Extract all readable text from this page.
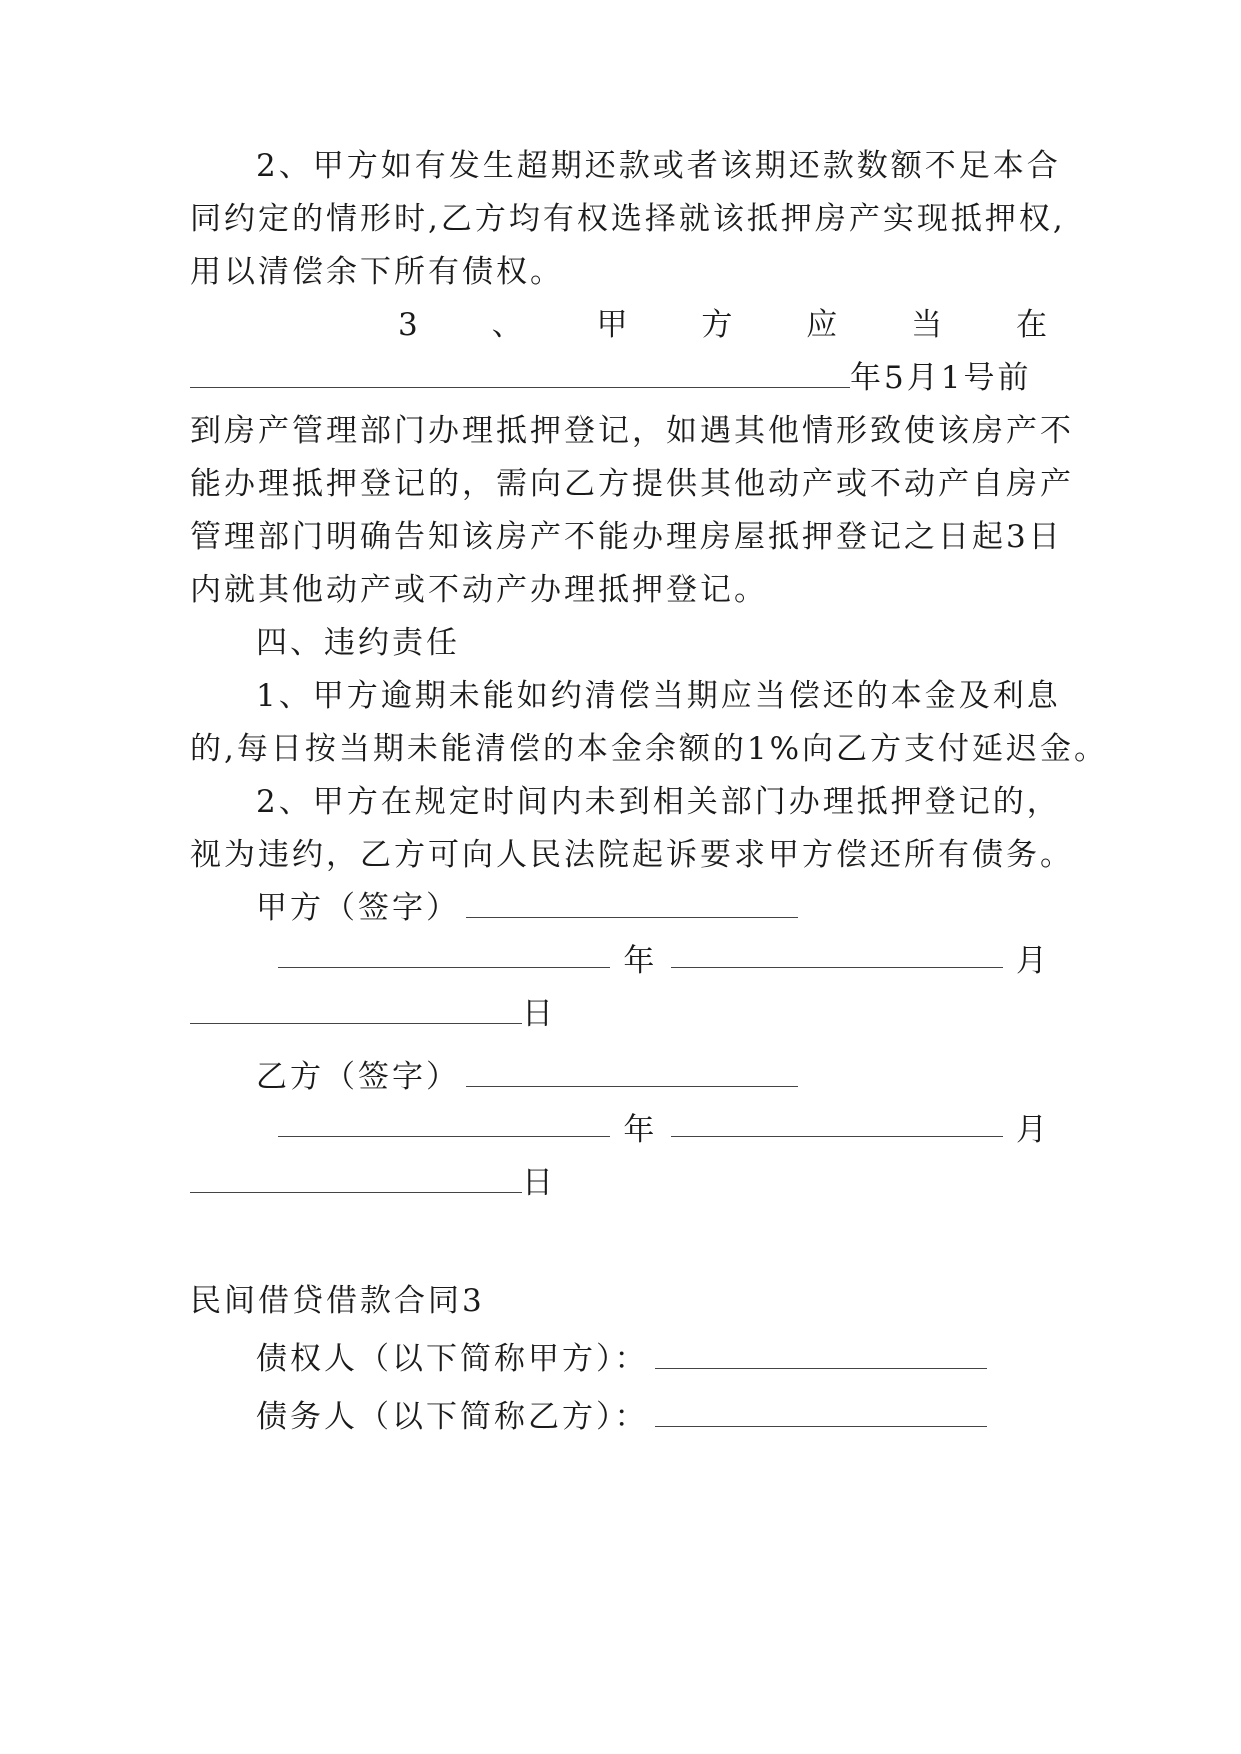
2、甲方如有发生超期还款或者该期还款数额不足本合
同约定的情形时,乙方均有权选择就该抵押房产实现抵押权,
用以清偿余下所有债权。
3 、 甲 方 应 当 在
年5月1号前
到房产管理部门办理抵押登记，如遇其他情形致使该房产不
能办理抵押登记的，需向乙方提供其他动产或不动产自房产
管理部门明确告知该房产不能办理房屋抵押登记之日起3日
内就其他动产或不动产办理抵押登记。
四、违约责任
1、甲方逾期未能如约清偿当期应当偿还的本金及利息
的,每日按当期未能清偿的本金余额的1%向乙方支付延迟金。
2、甲方在规定时间内未到相关部门办理抵押登记的，
视为违约，乙方可向人民法院起诉要求甲方偿还所有债务。
甲方（签字）
年	月
日
乙方（签字）
年	月
日
民间借贷借款合同3
债权人（以下简称甲方）：
债务人（以下简称乙方）：
